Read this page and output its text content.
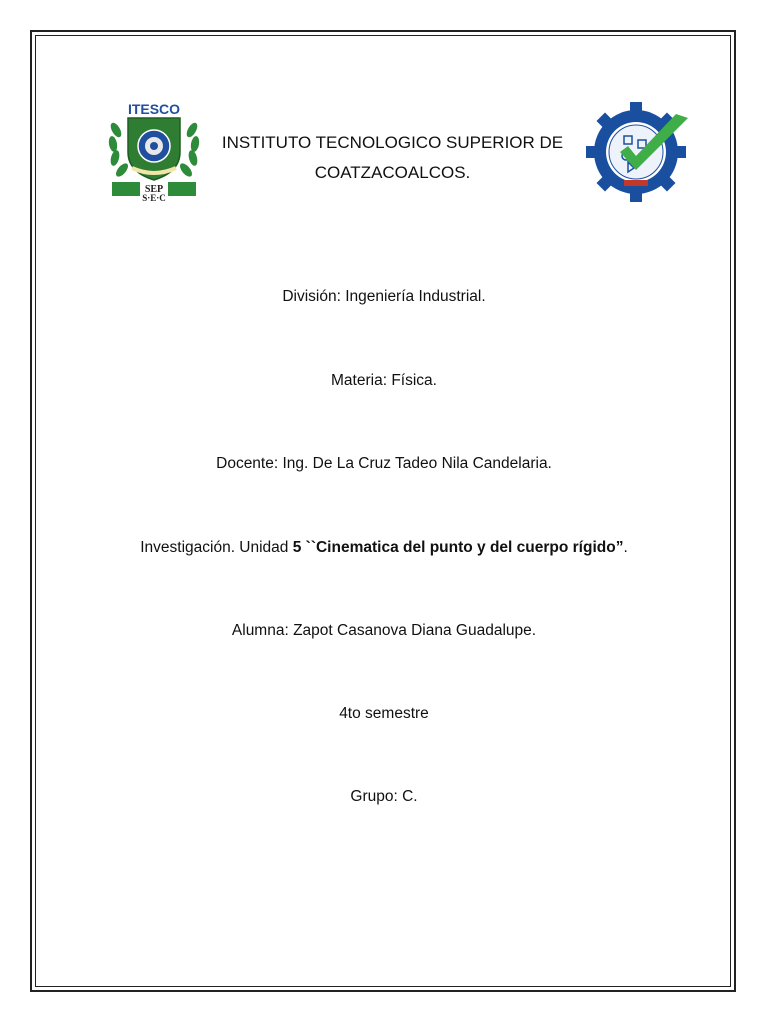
ITESCO
SEP
S·E·C
INSTITUTO TECNOLOGICO SUPERIOR DE
COATZACOALCOS.
División: Ingeniería Industrial.
Materia: Física.
Docente: Ing. De La Cruz Tadeo Nila Candelaria.
Investigación. Unidad 5 ``Cinematica del punto y del cuerpo rígido”.
Alumna: Zapot Casanova Diana Guadalupe.
4to semestre
Grupo: C.
